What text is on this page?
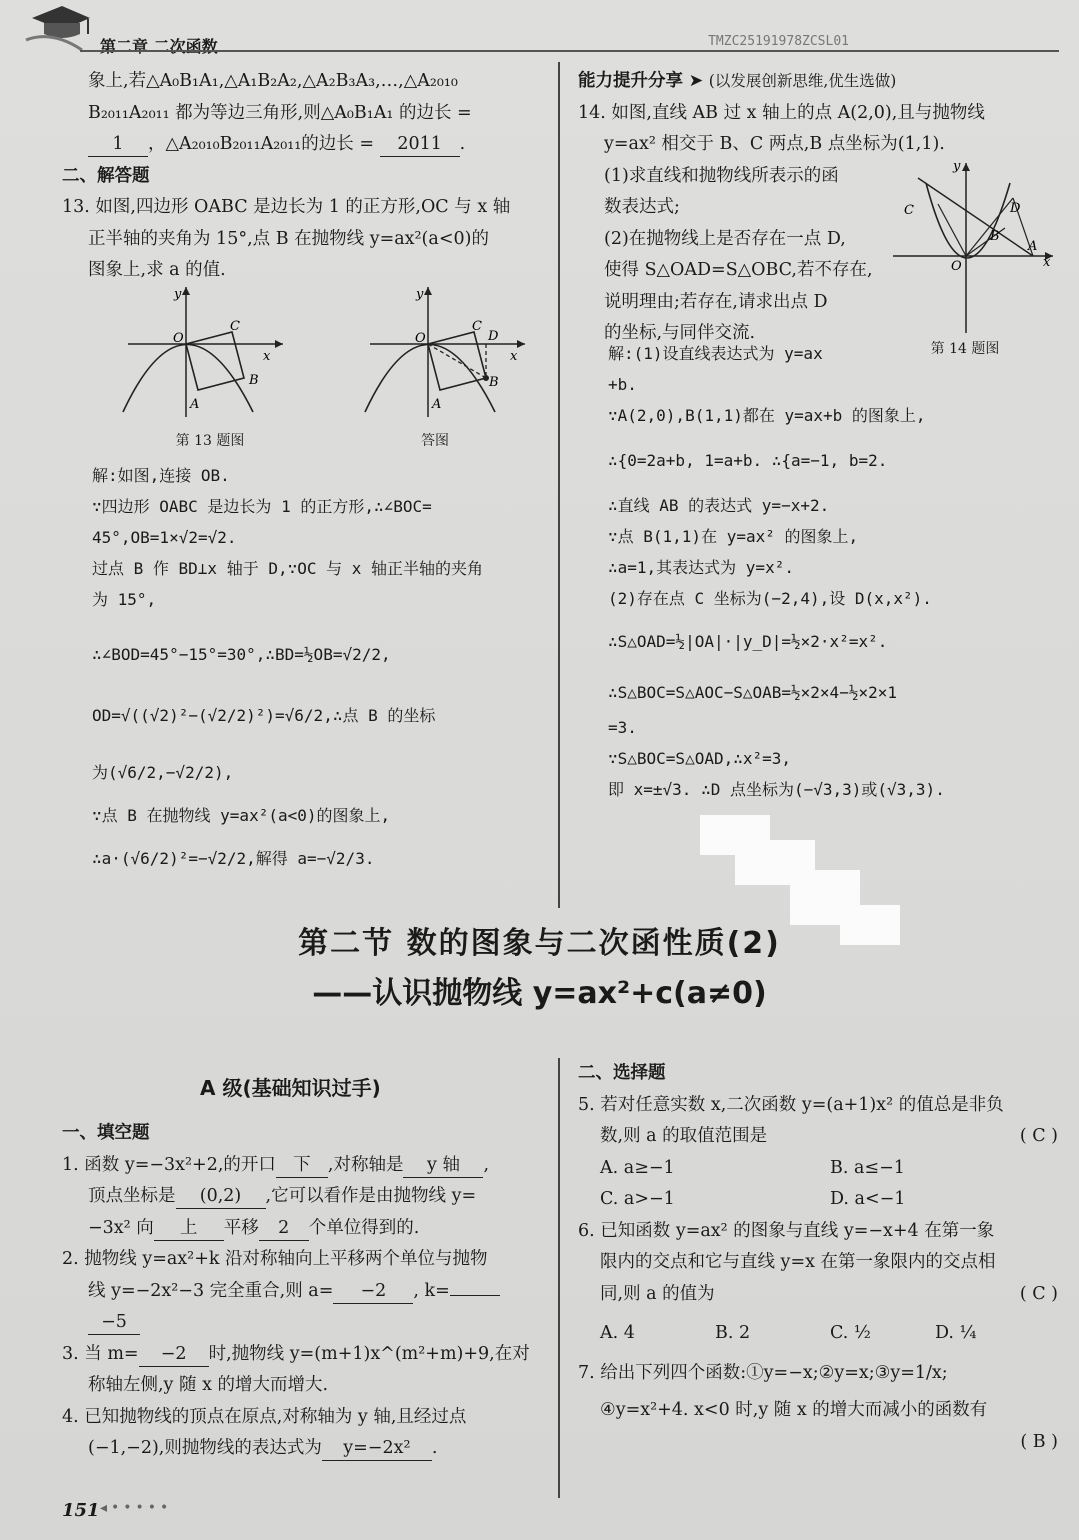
第二章 二次函数	TMZC25191978ZCSL01

象上,若△A₀B₁A₁,△A₁B₂A₂,△A₂B₃A₃,…,△A₂₀₁₀

B₂₀₁₁A₂₀₁₁ 都为等边三角形,则△A₀B₁A₁ 的边长 =

1 ，△A₂₀₁₀B₂₀₁₁A₂₀₁₁的边长 = 2011 .

二、解答题

13. 如图,四边形 OABC 是边长为 1 的正方形,OC 与 x 轴

正半轴的夹角为 15°,点 B 在抛物线 y=ax²(a<0)的

图象上,求 a 的值.

y
O
x
C
B
A
第 13 题图
y
O
x
C
D
B
A
答图

解:如图,连接 OB.

∵四边形 OABC 是边长为 1 的正方形,∴∠BOC=

45°,OB=1×√2=√2.

过点 B 作 BD⊥x 轴于 D,∵OC 与 x 轴正半轴的夹角

为 15°,

∴∠BOD=45°−15°=30°,∴BD=½OB=√2/2,

OD=√((√2)²−(√2/2)²)=√6/2,∴点 B 的坐标

为(√6/2,−√2/2),

∵点 B 在抛物线 y=ax²(a<0)的图象上,

∴a·(√6/2)²=−√2/2,解得 a=−√2/3.

能力提升分享 ➤ (以发展创新思维,优生选做)

14. 如图,直线 AB 过 x 轴上的点 A(2,0),且与抛物线

y=ax² 相交于 B、C 两点,B 点坐标为(1,1).

(1)求直线和抛物线所表示的函

数表达式;

(2)在抛物线上是否存在一点 D,

使得 S△OAD=S△OBC,若不存在,

说明理由;若存在,请求出点 D

的坐标,与同伴交流.

y
O	x
C	D
B
A
第 14 题图

解:(1)设直线表达式为 y=ax

+b.

∵A(2,0),B(1,1)都在 y=ax+b 的图象上,

∴{0=2a+b, 1=a+b. ∴{a=−1, b=2.

∴直线 AB 的表达式 y=−x+2.

∵点 B(1,1)在 y=ax² 的图象上,

∴a=1,其表达式为 y=x².

(2)存在点 C 坐标为(−2,4),设 D(x,x²).

∴S△OAD=½|OA|·|y_D|=½×2·x²=x².

∴S△BOC=S△AOC−S△OAB=½×2×4−½×2×1

=3.

∵S△BOC=S△OAD,∴x²=3,

即 x=±√3. ∴D 点坐标为(−√3,3)或(√3,3).

第二节 数的图象与二次函性质(2)
——认识抛物线 y=ax²+c(a≠0)
A 级(基础知识过手)

一、填空题

1. 函数 y=−3x²+2,的开口 下 ,对称轴是 y 轴 ,

顶点坐标是 (0,2) ,它可以看作是由抛物线 y=

−3x² 向 上 平移 2 个单位得到的.

2. 抛物线 y=ax²+k 沿对称轴向上平移两个单位与抛物

线 y=−2x²−3 完全重合,则 a= −2 , k=

−5

3. 当 m= −2 时,抛物线 y=(m+1)x^(m²+m)+9,在对

称轴左侧,y 随 x 的增大而增大.

4. 已知抛物线的顶点在原点,对称轴为 y 轴,且经过点

(−1,−2),则抛物线的表达式为 y=−2x² .

二、选择题

5. 若对任意实数 x,二次函数 y=(a+1)x² 的值总是非负

数,则 a 的取值范围是	( C )

A. a≥−1	B. a≤−1

C. a>−1	D. a<−1

6. 已知函数 y=ax² 的图象与直线 y=−x+4 在第一象

限内的交点和它与直线 y=x 在第一象限内的交点相

同,则 a 的值为	( C )

A. 4	B. 2	C. ½	D. ¼

7. 给出下列四个函数:①y=−x;②y=x;③y=1/x;

④y=x²+4. x<0 时,y 随 x 的增大而减小的函数有

( B )

151 ◂•••••
